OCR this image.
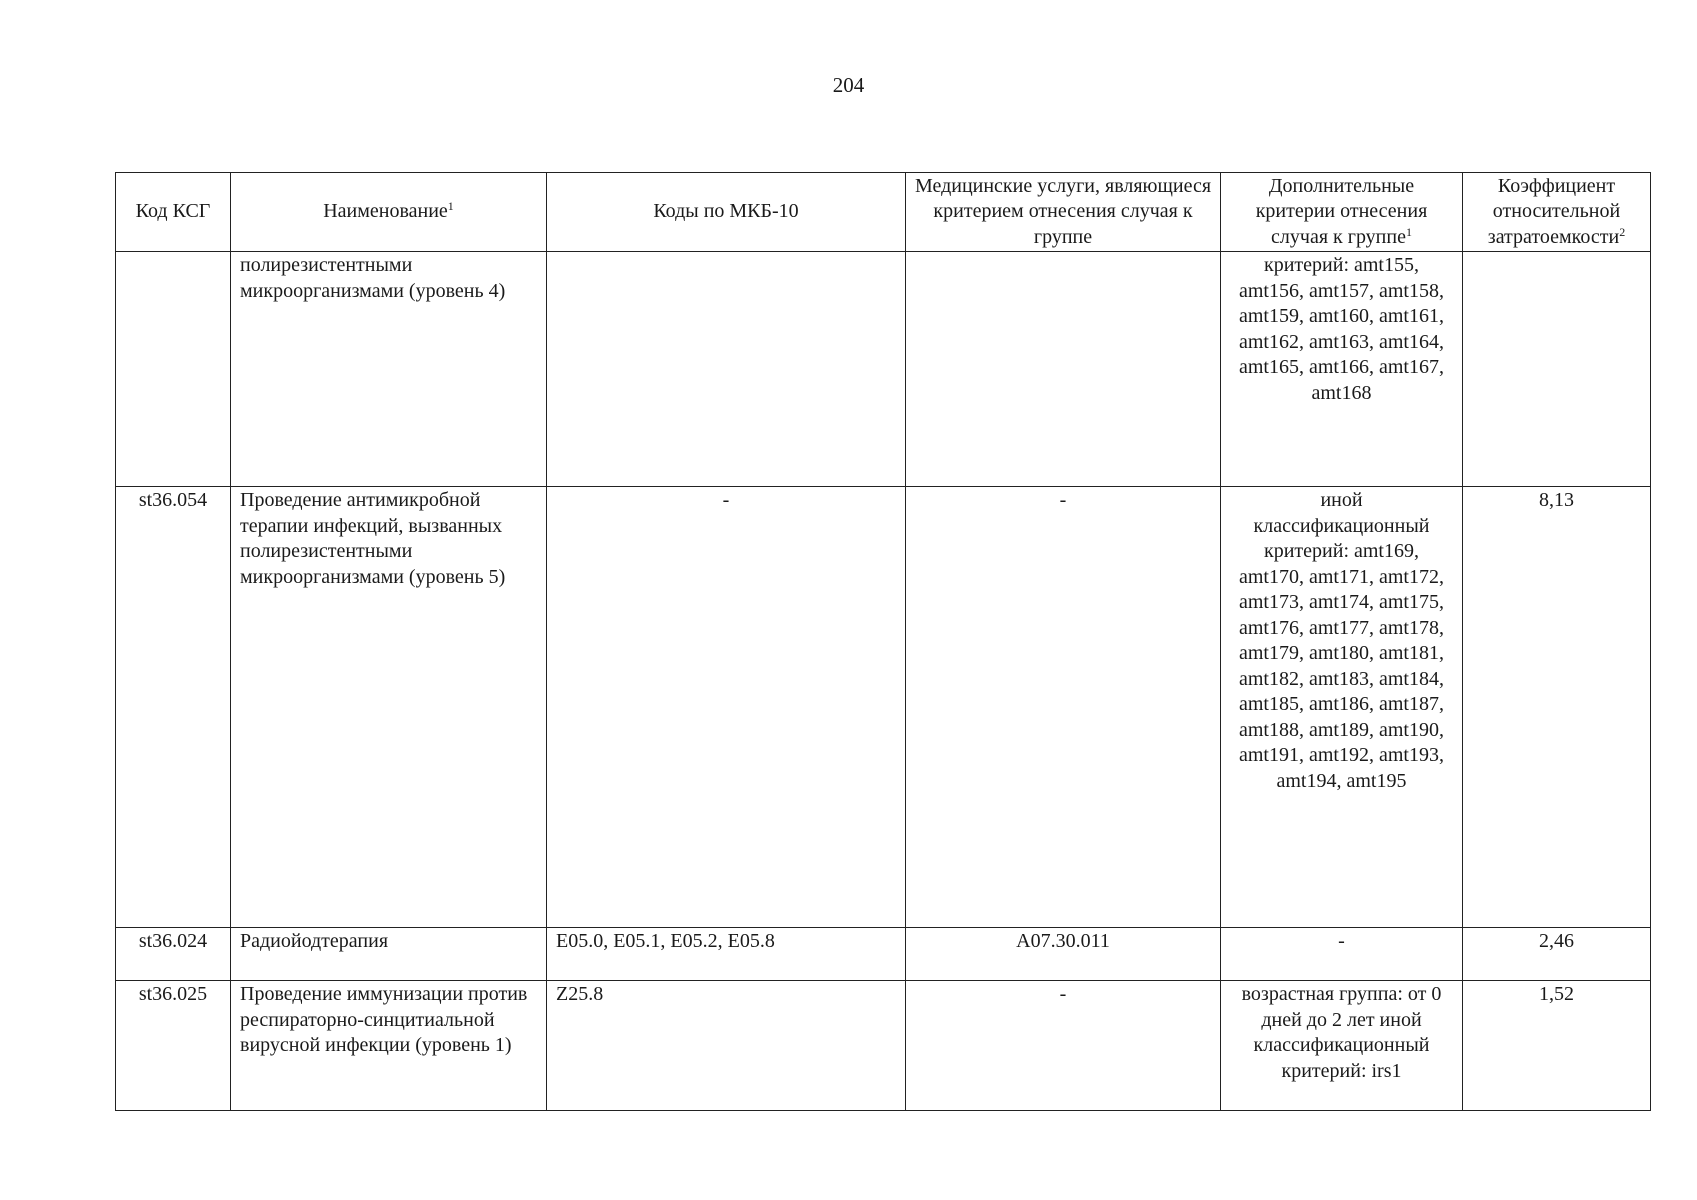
204
Код КСГ	Наименование$^1$	Коды по МКБ-10	Медицинские услуги, являющиеся критерием отнесения случая к группе	Дополнительные критерии отнесения случая к группе$^1$	Коэффициент относительной затратоемкости$^2$
	полирезистентными микроорганизмами (уровень 4)			критерий: amt155, amt156, amt157, amt158, amt159, amt160, amt161, amt162, amt163, amt164, amt165, amt166, amt167, amt168	
st36.054	Проведение антимикробной терапии инфекций, вызванных полирезистентными микроорганизмами (уровень 5)	-	-	иной классификационный критерий: amt169, amt170, amt171, amt172, amt173, amt174, amt175, amt176, amt177, amt178, amt179, amt180, amt181, amt182, amt183, amt184, amt185, amt186, amt187, amt188, amt189, amt190, amt191, amt192, amt193, amt194, amt195	8,13
st36.024	Радиойодтерапия	E05.0, E05.1, E05.2, E05.8	A07.30.011	-	2,46
st36.025	Проведение иммунизации против респираторно-синцитиальной вирусной инфекции (уровень 1)	Z25.8	-	возрастная группа: от 0 дней до 2 лет иной классификационный критерий: irs1	1,52
